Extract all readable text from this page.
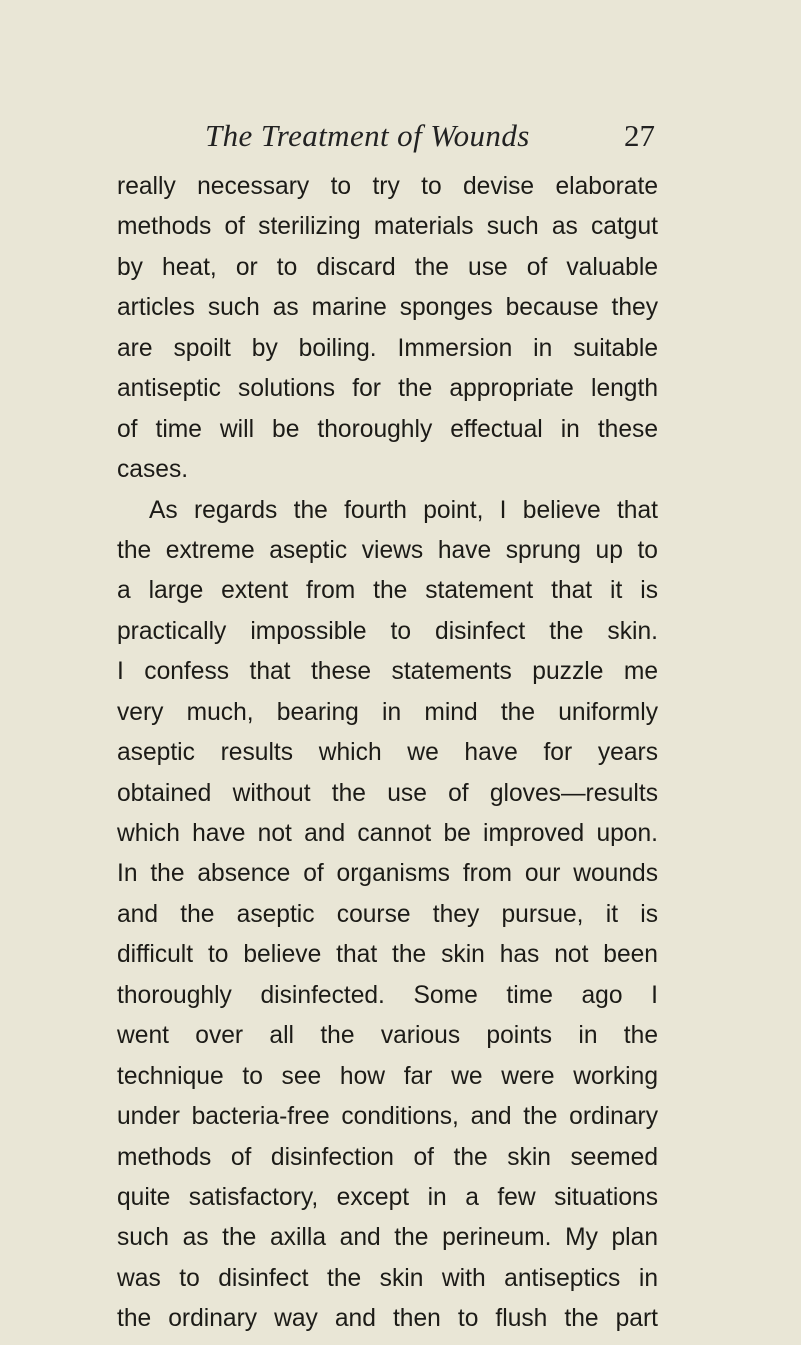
The Treatment of Wounds	27
really necessary to try to devise elaborate
methods of sterilizing materials such as catgut
by heat, or to discard the use of valuable
articles such as marine sponges because they
are spoilt by boiling. Immersion in suitable
antiseptic solutions for the appropriate length
of time will be thoroughly effectual in these
cases.
As regards the fourth point, I believe that
the extreme aseptic views have sprung up to
a large extent from the statement that it is
practically impossible to disinfect the skin.
I confess that these statements puzzle me
very much, bearing in mind the uniformly
aseptic results which we have for years
obtained without the use of gloves—results
which have not and cannot be improved upon.
In the absence of organisms from our wounds
and the aseptic course they pursue, it is
difficult to believe that the skin has not been
thoroughly disinfected. Some time ago I
went over all the various points in the
technique to see how far we were working
under bacteria-free conditions, and the ordinary
methods of disinfection of the skin seemed
quite satisfactory, except in a few situations
such as the axilla and the perineum. My plan
was to disinfect the skin with antiseptics in
the ordinary way and then to flush the part
